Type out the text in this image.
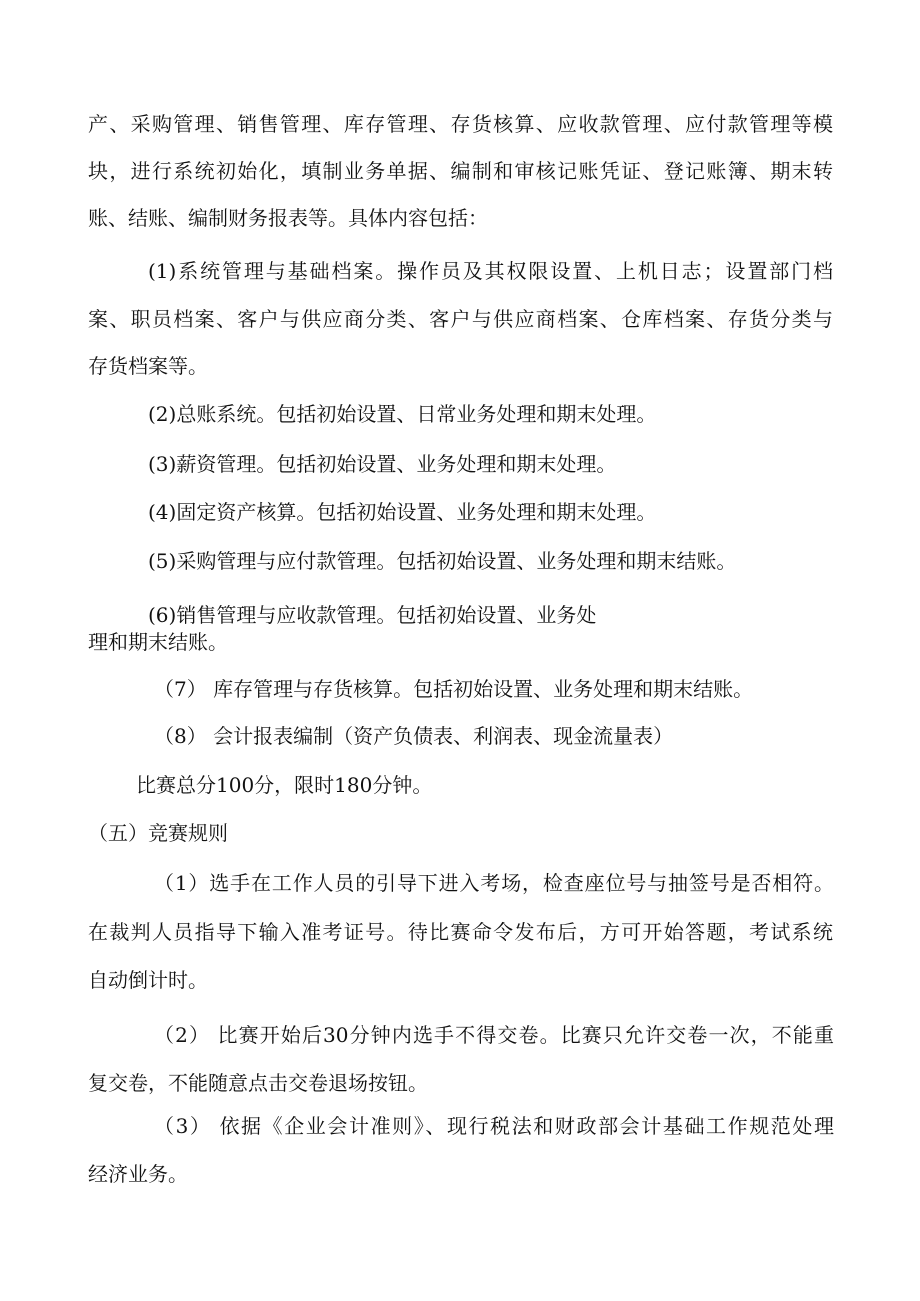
产、采购管理、销售管理、库存管理、存货核算、应收款管理、应付款管理等模
块，进行系统初始化，填制业务单据、编制和审核记账凭证、登记账簿、期末转
账、结账、编制财务报表等。具体内容包括：
(1)系统管理与基础档案。操作员及其权限设置、上机日志；设置部门档
案、职员档案、客户与供应商分类、客户与供应商档案、仓库档案、存货分类与
存货档案等。
(2)总账系统。包括初始设置、日常业务处理和期末处理。
(3)薪资管理。包括初始设置、业务处理和期末处理。
(4)固定资产核算。包括初始设置、业务处理和期末处理。
(5)采购管理与应付款管理。包括初始设置、业务处理和期末结账。
(6)销售管理与应收款管理。包括初始设置、业务处
理和期末结账。
（7） 库存管理与存货核算。包括初始设置、业务处理和期末结账。
（8） 会计报表编制（资产负债表、利润表、现金流量表）
比赛总分100分，限时180分钟。
（五）竞赛规则
（1）选手在工作人员的引导下进入考场，检查座位号与抽签号是否相符。
在裁判人员指导下输入准考证号。待比赛命令发布后，方可开始答题，考试系统
自动倒计时。
（2） 比赛开始后30分钟内选手不得交卷。比赛只允许交卷一次，不能重
复交卷，不能随意点击交卷退场按钮。
（3） 依据《企业会计准则》、现行税法和财政部会计基础工作规范处理
经济业务。
